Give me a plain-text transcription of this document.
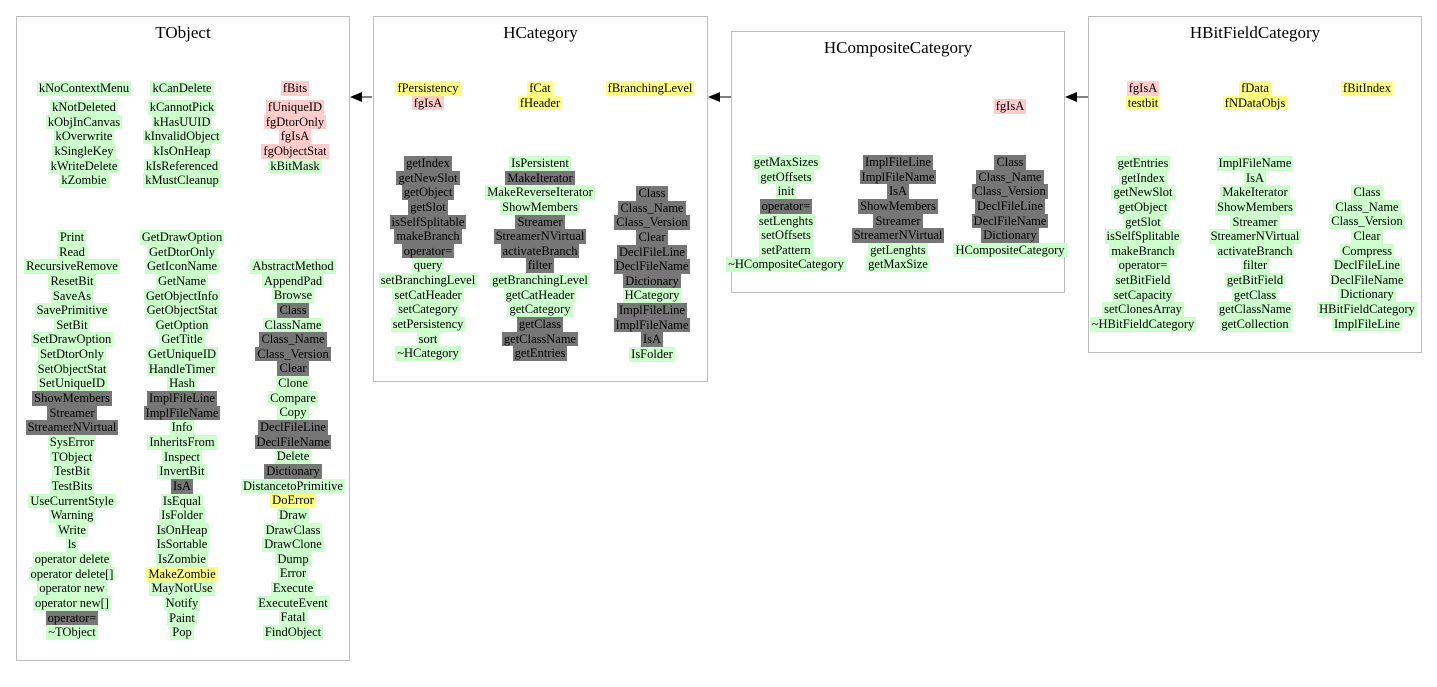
TObject
kNoContextMenu
kNotDeleted
kObjInCanvas
kOverwrite
kSingleKey
kWriteDelete
kZombie
kCanDelete
kCannotPick
kHasUUID
kInvalidObject
kIsOnHeap
kIsReferenced
kMustCleanup
fBits
fUniqueID
fgDtorOnly
fgIsA
fgObjectStat
kBitMask
Print
Read
RecursiveRemove
ResetBit
SaveAs
SavePrimitive
SetBit
SetDrawOption
SetDtorOnly
SetObjectStat
SetUniqueID
ShowMembers
Streamer
StreamerNVirtual
SysError
TObject
TestBit
TestBits
UseCurrentStyle
Warning
Write
ls
operator delete
operator delete[]
operator new
operator new[]
operator=
~TObject
GetDrawOption
GetDtorOnly
GetIconName
GetName
GetObjectInfo
GetObjectStat
GetOption
GetTitle
GetUniqueID
HandleTimer
Hash
ImplFileLine
ImplFileName
Info
InheritsFrom
Inspect
InvertBit
IsA
IsEqual
IsFolder
IsOnHeap
IsSortable
IsZombie
MakeZombie
MayNotUse
Notify
Paint
Pop
AbstractMethod
AppendPad
Browse
Class
ClassName
Class_Name
Class_Version
Clear
Clone
Compare
Copy
DeclFileLine
DeclFileName
Delete
Dictionary
DistancetoPrimitive
DoError
Draw
DrawClass
DrawClone
Dump
Error
Execute
ExecuteEvent
Fatal
FindObject
HCategory
fPersistency
fgIsA
fCat
fHeader
fBranchingLevel
getIndex
getNewSlot
getObject
getSlot
isSelfSplitable
makeBranch
operator=
query
setBranchingLevel
setCatHeader
setCategory
setPersistency
sort
~HCategory
IsPersistent
MakeIterator
MakeReverseIterator
ShowMembers
Streamer
StreamerNVirtual
activateBranch
filter
getBranchingLevel
getCatHeader
getCategory
getClass
getClassName
getEntries
Class
Class_Name
Class_Version
Clear
DeclFileLine
DeclFileName
Dictionary
HCategory
ImplFileLine
ImplFileName
IsA
IsFolder
HCompositeCategory
fgIsA
getMaxSizes
getOffsets
init
operator=
setLenghts
setOffsets
setPattern
~HCompositeCategory
ImplFileLine
ImplFileName
IsA
ShowMembers
Streamer
StreamerNVirtual
getLenghts
getMaxSize
Class
Class_Name
Class_Version
DeclFileLine
DeclFileName
Dictionary
HCompositeCategory
HBitFieldCategory
fgIsA
testbit
fData
fNDataObjs
fBitIndex
getEntries
getIndex
getNewSlot
getObject
getSlot
isSelfSplitable
makeBranch
operator=
setBitField
setCapacity
setClonesArray
~HBitFieldCategory
ImplFileName
IsA
MakeIterator
ShowMembers
Streamer
StreamerNVirtual
activateBranch
filter
getBitField
getClass
getClassName
getCollection
Class
Class_Name
Class_Version
Clear
Compress
DeclFileLine
DeclFileName
Dictionary
HBitFieldCategory
ImplFileLine
